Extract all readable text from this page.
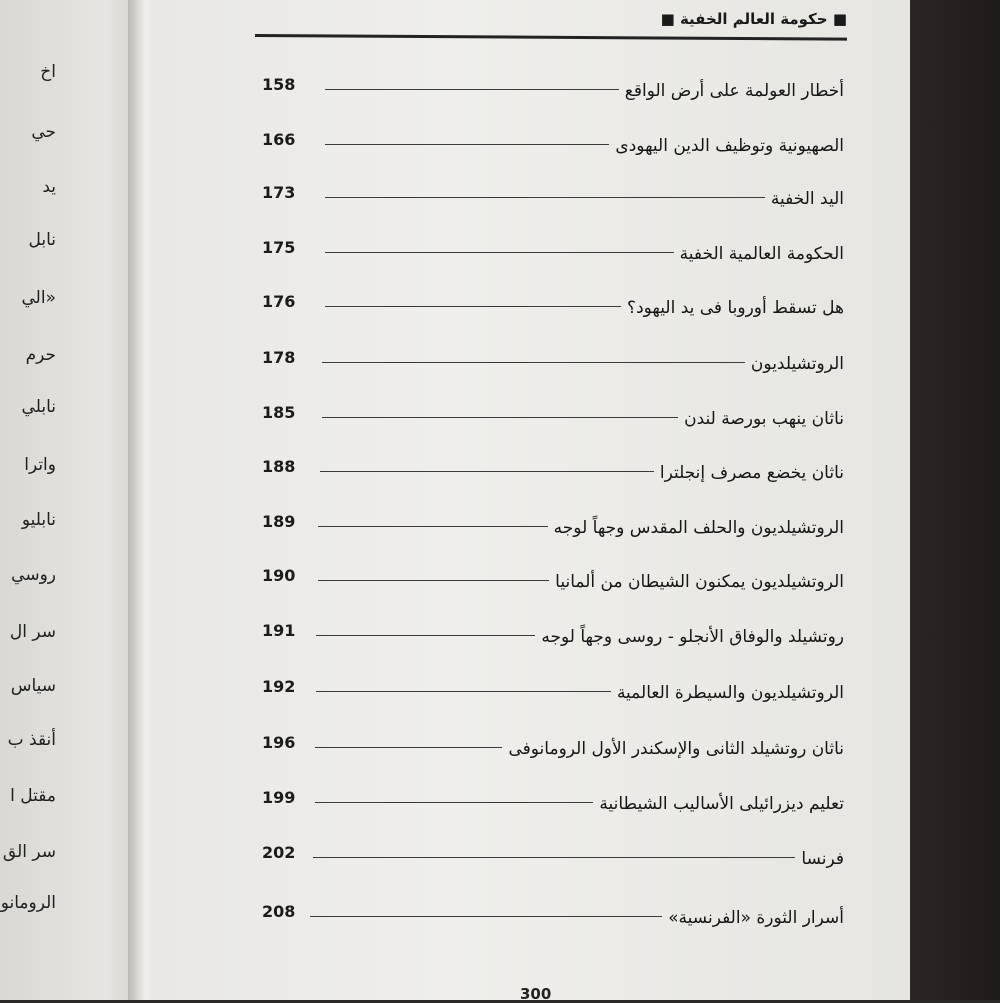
اخ
حي
يد
نابل
«الي
حرم
نابلي
واترا
نابليو
روسي
سر ال
سياس
أنقذ ب
مقتل ا
سر الق
الرومانو
■ حكومة العالم الخفية ■
158	أخطار العولمة على أرض الواقع
166	الصهيونية وتوظيف الدين اليهودى
173	اليد الخفية
175	الحكومة العالمية الخفية
176	هل تسقط أوروبا فى يد اليهود؟
178	الروتشيلديون
185	ناثان ينهب بورصة لندن
188	ناثان يخضع مصرف إنجلترا
189	الروتشيلديون والحلف المقدس وجهاً لوجه
190	الروتشيلديون يمكنون الشيطان من ألمانيا
191	روتشيلد والوفاق الأنجلو - روسى وجهاً لوجه
192	الروتشيلديون والسيطرة العالمية
196	ناثان روتشيلد الثانى والإسكندر الأول الرومانوفى
199	تعليم ديزرائيلى الأساليب الشيطانية
202	فرنسا
208	أسرار الثورة «الفرنسية»
300
